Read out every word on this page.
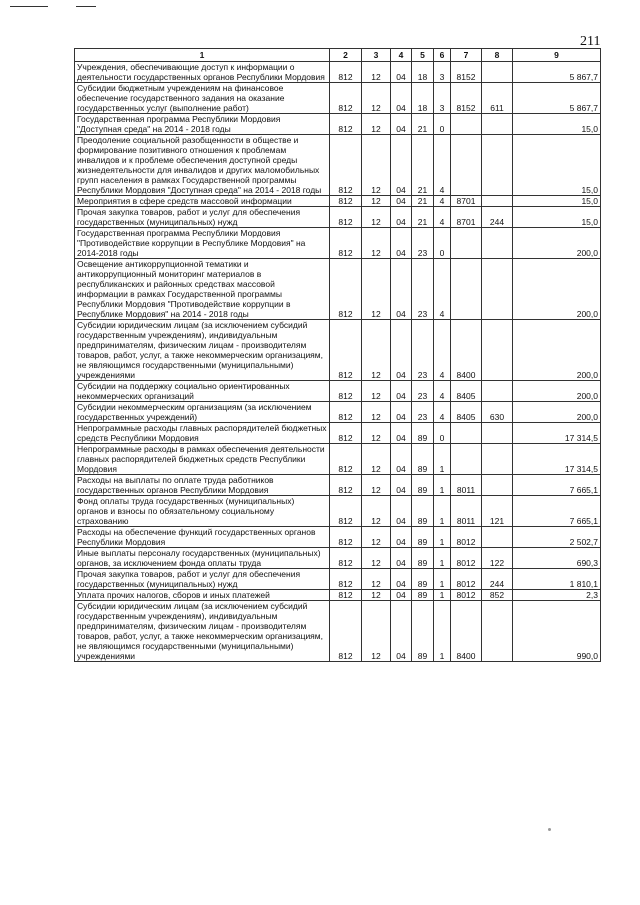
211
1	2	3	4	5	6	7	8	9
Учреждения, обеспечивающие доступ к информации о деятельности государственных органов Республики Мордовия	812	12	04	18	3	8152		5 867,7
Субсидии бюджетным учреждениям на финансовое обеспечение государственного задания на оказание государственных услуг (выполнение работ)	812	12	04	18	3	8152	611	5 867,7
Государственная программа Республики Мордовия "Доступная среда" на 2014 - 2018 годы	812	12	04	21	0			15,0
Преодоление социальной разобщенности в обществе и формирование позитивного отношения к проблемам инвалидов и к проблеме обеспечения доступной среды жизнедеятельности для инвалидов и других маломобильных групп населения в рамках Государственной программы Республики Мордовия "Доступная среда" на 2014 - 2018 годы	812	12	04	21	4			15,0
Мероприятия в сфере средств массовой информации	812	12	04	21	4	8701		15,0
Прочая закупка товаров, работ и услуг для обеспечения государственных (муниципальных) нужд	812	12	04	21	4	8701	244	15,0
Государственная программа Республики Мордовия "Противодействие коррупции в Республике Мордовия" на 2014-2018 годы	812	12	04	23	0			200,0
Освещение антикоррупционной тематики и антикоррупционный мониторинг материалов в республиканских и районных средствах массовой информации в рамках Государственной программы Республики Мордовия "Противодействие коррупции в Республике Мордовия" на 2014 - 2018 годы	812	12	04	23	4			200,0
Субсидии юридическим лицам (за исключением субсидий государственным учреждениям), индивидуальным предпринимателям, физическим лицам - производителям товаров, работ, услуг, а также некоммерческим организациям, не являющимся государственными (муниципальными) учреждениями	812	12	04	23	4	8400		200,0
Субсидии на поддержку социально ориентированных некоммерческих организаций	812	12	04	23	4	8405		200,0
Субсидии некоммерческим организациям (за исключением государственных учреждений)	812	12	04	23	4	8405	630	200,0
Непрограммные расходы главных распорядителей бюджетных средств Республики Мордовия	812	12	04	89	0			17 314,5
Непрограммные расходы в рамках обеспечения деятельности главных распорядителей бюджетных средств Республики Мордовия	812	12	04	89	1			17 314,5
Расходы на выплаты по оплате труда работников государственных органов Республики Мордовия	812	12	04	89	1	8011		7 665,1
Фонд оплаты труда государственных (муниципальных) органов и взносы по обязательному социальному страхованию	812	12	04	89	1	8011	121	7 665,1
Расходы на обеспечение функций государственных органов Республики Мордовия	812	12	04	89	1	8012		2 502,7
Иные выплаты персоналу государственных (муниципальных) органов, за исключением фонда оплаты труда	812	12	04	89	1	8012	122	690,3
Прочая закупка товаров, работ и услуг для обеспечения государственных (муниципальных) нужд	812	12	04	89	1	8012	244	1 810,1
Уплата прочих налогов, сборов и иных платежей	812	12	04	89	1	8012	852	2,3
Субсидии юридическим лицам (за исключением субсидий государственным учреждениям), индивидуальным предпринимателям, физическим лицам - производителям товаров, работ, услуг, а также некоммерческим организациям, не являющимся государственными (муниципальными) учреждениями	812	12	04	89	1	8400		990,0
